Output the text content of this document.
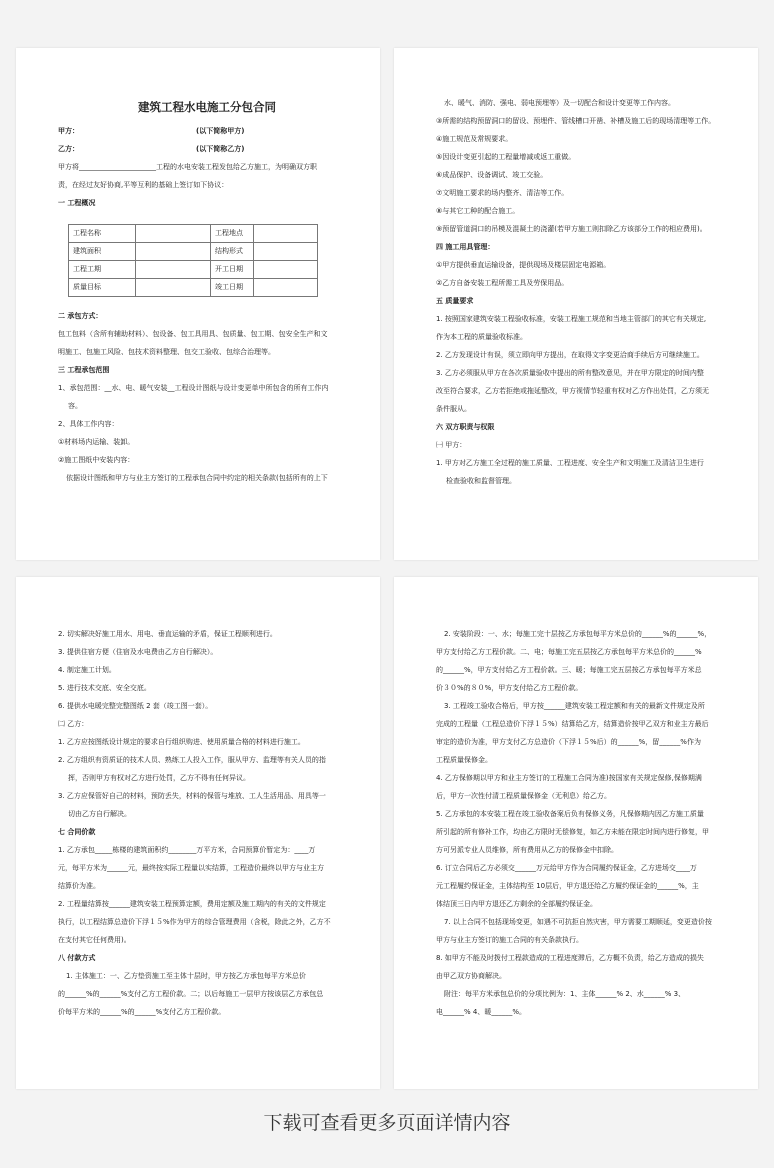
建筑工程水电施工分包合同
甲方：	(以下简称甲方)
乙方：	(以下简称乙方)

甲方将______________________工程的水电安装工程发包给乙方施工，为明确双方职

责，在经过友好协商,平等互利的基础上签订如下协议：

一 工程概况

工程名称		工程地点	
建筑面积		结构形式	
工程工期		开工日期	
质量目标		竣工日期	

二 承包方式：

包工包料（含所有辅助材料）、包设备、包工具用具、包质量、包工期、包安全生产和文

明施工、包施工风险、包技术资料整理、包交工验收、包综合治理等。

三 工程承包范围

1、承包范围：__水、电、暖气安装__工程设计图纸与设计变更单中所包含的所有工作内

容。

2、具体工作内容：

①材料场内运输、装卸。

②施工图纸中安装内容：

依据设计图纸和甲方与业主方签订的工程承包合同中约定的相关条款(包括所有的上下

水、暖气、消防、强电、弱电预埋等）及一切配合和设计变更等工作内容。

③所需的结构预留洞口的留设、预埋件、管线槽口开凿、补槽及施工后的现场清理等工作。

④施工规范及常规要求。

⑤因设计变更引起的工程量增减或返工重做。

⑥成品保护、设备调试、竣工交验。

⑦文明施工要求的场内整齐、清洁等工作。

⑧与其它工种的配合施工。

⑨预留管道洞口的吊模及混凝土的浇灌(若甲方施工则扣除乙方该部分工作的相应费用)。

四 施工用具管理：

①甲方提供垂直运输设备，提供现场及楼层固定电源箱。

②乙方自备安装工程所需工具及劳保用品。

五 质量要求

1. 按照国家建筑安装工程验收标准，安装工程施工规范和当地主管部门的其它有关规定,

作为本工程的质量验收标准。

2. 乙方发现设计有误，须立即向甲方提出，在取得文字变更洽商手续后方可继续施工。

3. 乙方必须服从甲方在各次质量验收中提出的所有整改意见，并在甲方限定的时间内整

改至符合要求，乙方若拒绝或拖延整改，甲方视情节轻重有权对乙方作出处罚，乙方须无

条件服从。

六 双方职责与权限

㈠ 甲方：

1. 甲方对乙方施工全过程的施工质量、工程进度、安全生产和文明施工及清洁卫生进行

检查验收和监督管理。

2. 切实解决好施工用水、用电、垂直运输的矛盾，保证工程顺利进行。

3. 提供住宿方便（住宿及水电费由乙方自行解决）。

4. 制定施工计划。

5. 进行技术交底、安全交底。

6. 提供水电暖完整完整图纸 2 套（竣工图一套）。

㈡ 乙方：

1. 乙方应按图纸设计规定的要求自行组织购进、使用质量合格的材料进行施工。

2. 乙方组织有资质证的技术人员、熟练工人投入工作，服从甲方、监理等有关人员的指

挥，否则甲方有权对乙方进行处罚，乙方不得有任何异议。

3. 乙方应保管好自己的材料，预防丢失，材料的保管与堆放、工人生活用品、用具等一

切由乙方自行解决。

七 合同价款

1. 乙方承包_____栋楼的建筑面积约________万平方米，合同预算价暂定为：____万

元，每平方米为______元，最终按实际工程量以实结算，工程造价最终以甲方与业主方

结算价为准。

2. 工程量结算按______建筑安装工程预算定额，费用定额及施工期内的有关的文件规定

执行，以工程结算总造价下浮１５%作为甲方的综合管理费用（含税，除此之外，乙方不

在支付其它任何费用)。

八 付款方式

1. 主体施工：一、乙方垫资施工至主体十层时，甲方按乙方承包每平方米总价

的______%的______%支付乙方工程价款。二；以后每施工一层甲方按该层乙方承包总

价每平方米的______%的______%支付乙方工程价款。

2. 安装阶段：一、水；每施工完十层按乙方承包每平方米总价的______%的______%，

甲方支付给乙方工程价款。二、电；每施工完五层按乙方承包每平方米总价的______%

的______%，甲方支付给乙方工程价款。三、暖；每施工完五层按乙方承包每平方米总

价３０%的８０%，甲方支付给乙方工程价款。

3. 工程竣工验收合格后，甲方按______建筑安装工程定额和有关的最新文件规定及所

完成的工程量（工程总造价下浮１５%）结算给乙方，结算造价按甲乙双方和业主方最后

审定的造价为准，甲方支付乙方总造价（下浮１５%后）的______%，留______%作为

工程质量保修金。

4. 乙方保修期以甲方和业主方签订的工程施工合同为准)按国家有关规定保修,保修期满

后，甲方一次性付清工程质量保修金（无利息）给乙方。

5. 乙方承包的本安装工程在竣工验收备案后负有保修义务，凡保修期内因乙方施工质量

所引起的所有修补工作，均由乙方限时无偿修复，如乙方未能在限定时间内进行修复，甲

方可另派专业人员维修，所有费用从乙方的保修金中扣除。

6. 订立合同后乙方必须交______万元给甲方作为合同履约保证金，乙方进场交____万

元工程履约保证金，主体结构至 10层后，甲方退还给乙方履约保证金的______%，主

体结顶三日内甲方退还乙方剩余的全部履约保证金。

7. 以上合同不包括现场变更，如遇不可抗拒自然灾害，甲方需要工期顺延，变更造价按

甲方与业主方签订的施工合同的有关条款执行。

8. 如甲方不能及时拨付工程款造成的工程进度滞后，乙方概不负责，给乙方造成的损失

由甲乙双方协商解决。

附注：每平方米承包总价的分项比例为：1、主体______% 2、水______% 3、

电______% 4、暖______%。

下载可查看更多页面详情内容
